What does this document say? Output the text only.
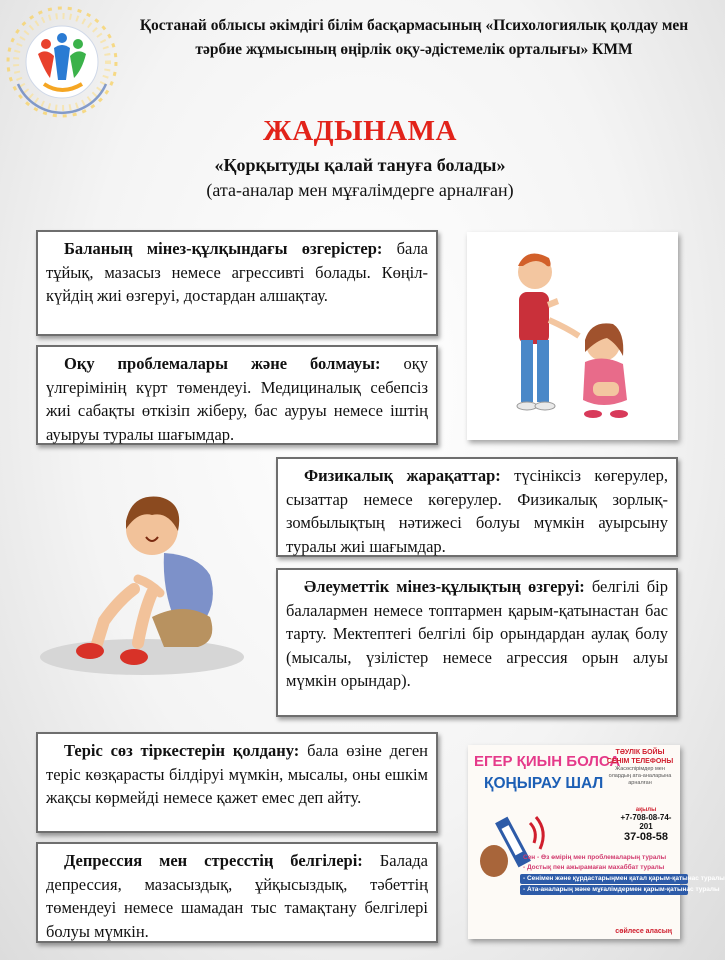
Қостанай облысы әкімдігі білім басқармасының «Психологиялық қолдау мен тәрбие жұмысының өңірлік оқу-әдістемелік орталығы» КММ
ЖАДЫНАМА
«Қорқытуды қалай тануға болады»
(ата-аналар мен мұғалімдерге арналған)
Баланың мінез-құлқындағы өзгерістер: бала тұйық, мазасыз немесе агрессивті болады. Көңіл-күйдің жиі өзгеруі, достардан алшақтау.
Оқу проблемалары және болмауы: оқу үлгерімінің күрт төмендеуі. Медициналық себепсіз жиі сабақты өткізіп жіберу, бас ауруы немесе іштің ауыруы туралы шағымдар.
Физикалық жарақаттар: түсініксіз көгерулер, сызаттар немесе көгерулер. Физикалық зорлық-зомбылықтың нәтижесі болуы мүмкін ауырсыну туралы жиі шағымдар.
Әлеуметтік мінез-құлықтың өзгеруі: белгілі бір балалармен немесе топтармен қарым-қатынастан бас тарту. Мектептегі белгілі бір орындардан аулақ болу (мысалы, үзілістер немесе агрессия орын алуы мүмкін орындар).
Теріс сөз тіркестерін қолдану: бала өзіне деген теріс көзқарасты білдіруі мүмкін, мысалы, оны ешкім жақсы көрмейді немесе қажет емес деп айту.
Депрессия мен стресстің белгілері: Балада депрессия, мазасыздық, ұйқысыздық, тәбеттің төмендеуі немесе шамадан тыс тамақтану белгілері болуы мүмкін.
ЕГЕР ҚИЫН БОЛСА
ҚОҢЫРАУ ШАЛ
ТӘУЛІК БОЙЫ СЕНІМ ТЕЛЕФОНЫ
Жасөспірімдер мен олардың ата-аналарына арналған
ақылы
+7-708-08-74-201
37-08-58
Сен - Өз өмірің мен проблемаларың туралы
- Достық пен ажырамаған махаббат туралы
- Сенімен және құрдастарыңмен қатал қарым-қатынас туралы
- Ата-аналарың және мұғалімдермен қарым-қатынас туралы
сөйлесе аласың
